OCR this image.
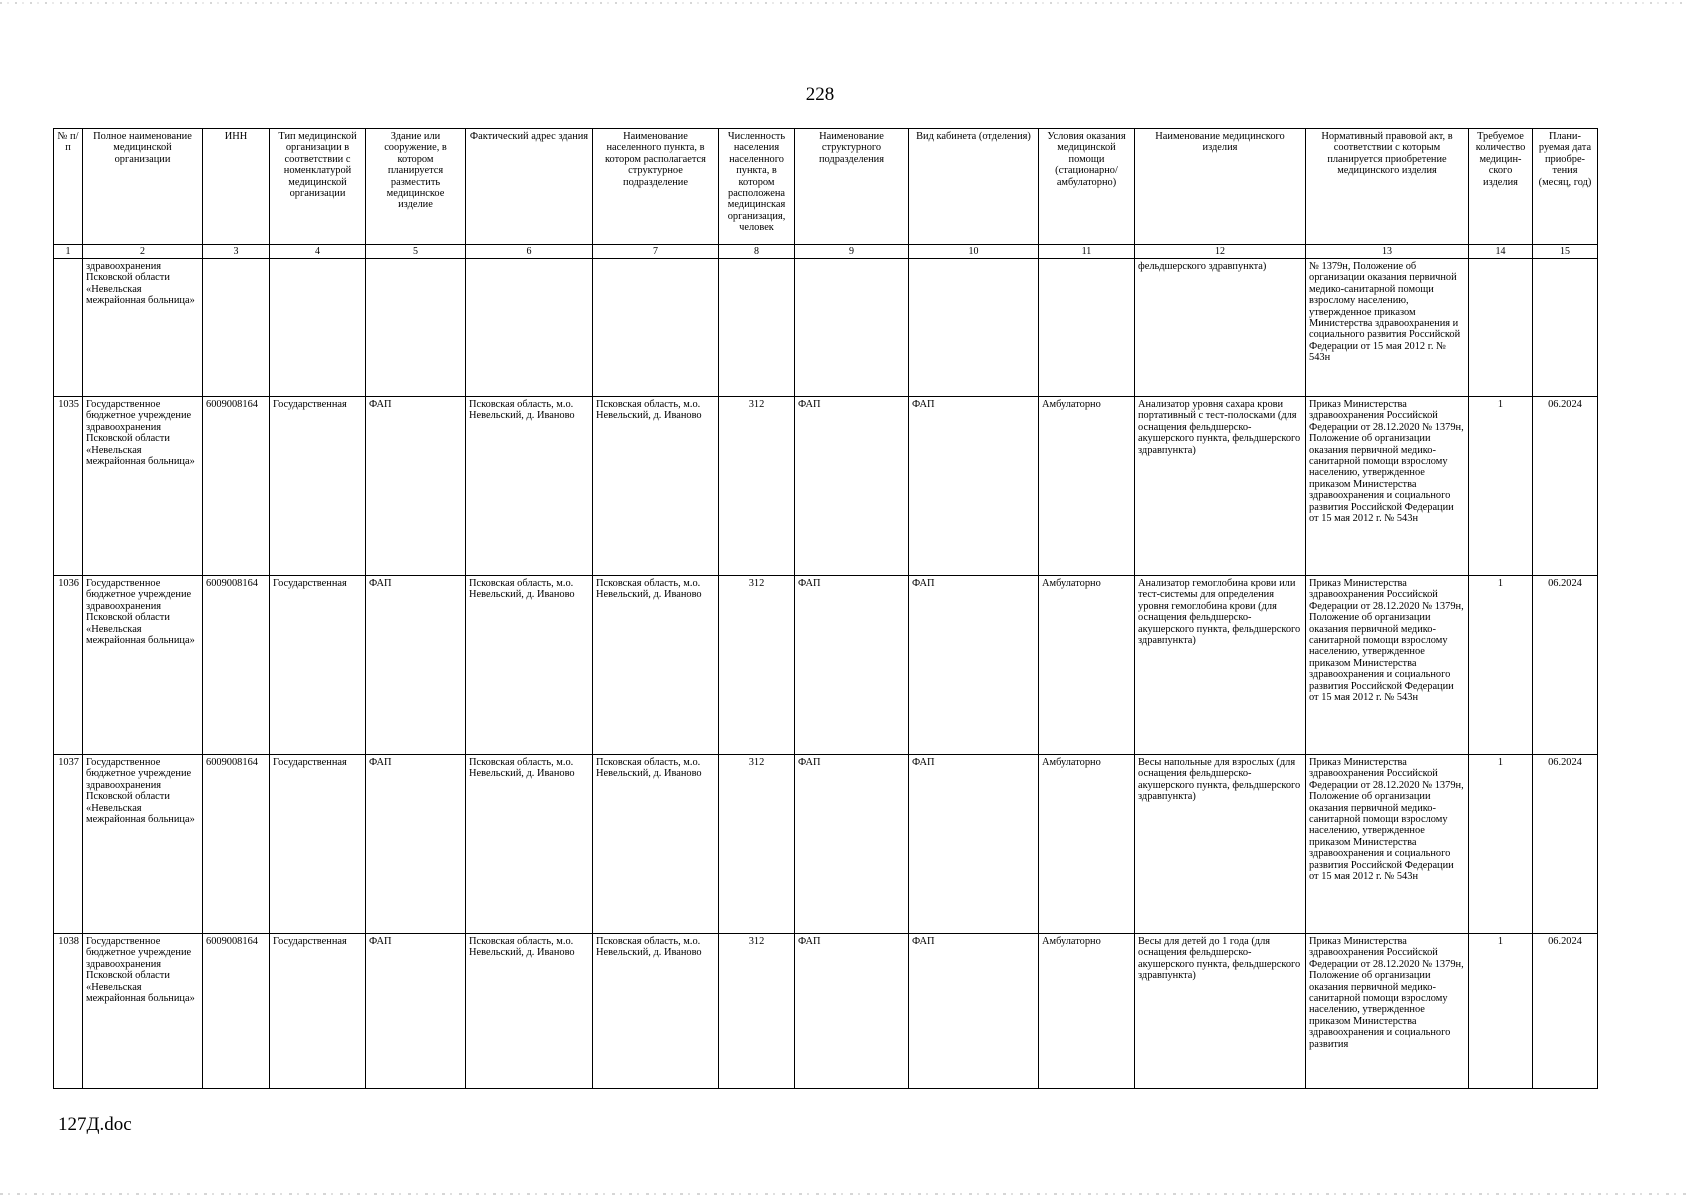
228
№ п/п	Полное наименование медицинской организации	ИНН	Тип медицинской организации в соответствии с номенклатурой медицинской организации	Здание или сооружение, в котором планируется разместить медицинское изделие	Фактический адрес здания	Наименование населенного пункта, в котором располагается структурное подразделение	Численность населения населенного пункта, в котором расположена медицинская организация, человек	Наименование структурного подразделения	Вид кабинета (отделения)	Условия оказания медицинской помощи (стационарно/ амбулаторно)	Наименование медицинского изделия	Нормативный правовой акт, в соответствии с которым планируется приобретение медицинского изделия	Требуемое количество медицин-ского изделия	Плани-руемая дата приобре-тения (месяц, год)
1	2	3	4	5	6	7	8	9	10	11	12	13	14	15
	здравоохранения Псковской области «Невельская межрайонная больница»										фельдшерского здравпункта)	№ 1379н, Положение об организации оказания первичной медико-санитарной помощи взрослому населению, утвержденное приказом Министерства здравоохранения и социального развития Российской Федерации от 15 мая 2012 г. № 543н		
1035	Государственное бюджетное учреждение здравоохранения Псковской области «Невельская межрайонная больница»	6009008164	Государственная	ФАП	Псковская область, м.о. Невельский, д. Иваново	Псковская область, м.о. Невельский, д. Иваново	312	ФАП	ФАП	Амбулаторно	Анализатор уровня сахара крови портативный с тест-полосками (для оснащения фельдшерско-акушерского пункта, фельдшерского здравпункта)	Приказ Министерства здравоохранения Российской Федерации от 28.12.2020 № 1379н, Положение об организации оказания первичной медико-санитарной помощи взрослому населению, утвержденное приказом Министерства здравоохранения и социального развития Российской Федерации от 15 мая 2012 г. № 543н	1	06.2024
1036	Государственное бюджетное учреждение здравоохранения Псковской области «Невельская межрайонная больница»	6009008164	Государственная	ФАП	Псковская область, м.о. Невельский, д. Иваново	Псковская область, м.о. Невельский, д. Иваново	312	ФАП	ФАП	Амбулаторно	Анализатор гемоглобина крови или тест-системы для определения уровня гемоглобина крови (для оснащения фельдшерско-акушерского пункта, фельдшерского здравпункта)	Приказ Министерства здравоохранения Российской Федерации от 28.12.2020 № 1379н, Положение об организации оказания первичной медико-санитарной помощи взрослому населению, утвержденное приказом Министерства здравоохранения и социального развития Российской Федерации от 15 мая 2012 г. № 543н	1	06.2024
1037	Государственное бюджетное учреждение здравоохранения Псковской области «Невельская межрайонная больница»	6009008164	Государственная	ФАП	Псковская область, м.о. Невельский, д. Иваново	Псковская область, м.о. Невельский, д. Иваново	312	ФАП	ФАП	Амбулаторно	Весы напольные для взрослых (для оснащения фельдшерско-акушерского пункта, фельдшерского здравпункта)	Приказ Министерства здравоохранения Российской Федерации от 28.12.2020 № 1379н, Положение об организации оказания первичной медико-санитарной помощи взрослому населению, утвержденное приказом Министерства здравоохранения и социального развития Российской Федерации от 15 мая 2012 г. № 543н	1	06.2024
1038	Государственное бюджетное учреждение здравоохранения Псковской области «Невельская межрайонная больница»	6009008164	Государственная	ФАП	Псковская область, м.о. Невельский, д. Иваново	Псковская область, м.о. Невельский, д. Иваново	312	ФАП	ФАП	Амбулаторно	Весы для детей до 1 года (для оснащения фельдшерско-акушерского пункта, фельдшерского здравпункта)	Приказ Министерства здравоохранения Российской Федерации от 28.12.2020 № 1379н, Положение об организации оказания первичной медико-санитарной помощи взрослому населению, утвержденное приказом Министерства здравоохранения и социального развития	1	06.2024
127Д.doc
